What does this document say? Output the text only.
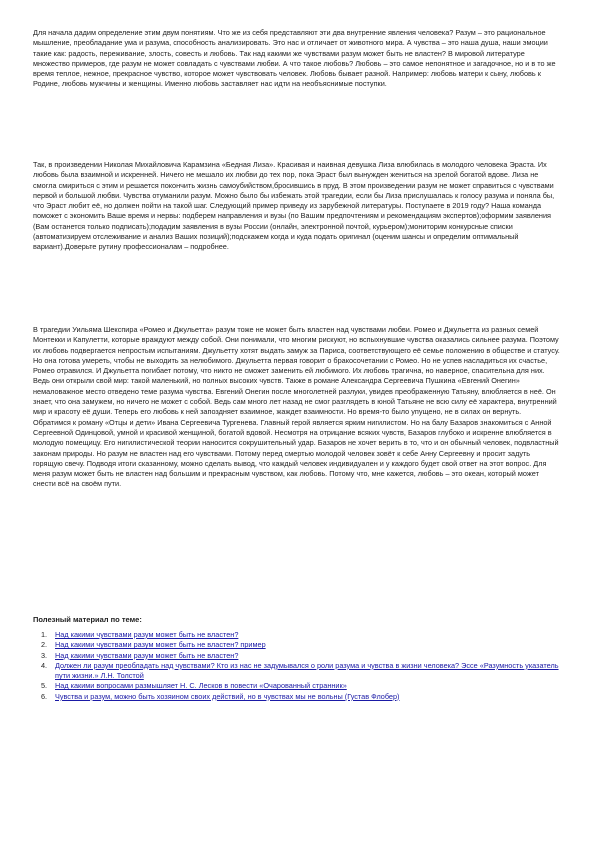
Для начала дадим определение этим двум понятиям. Что же из себя представляют эти два внутренние явления человека? Разум – это рациональное мышление, преобладание ума и разума, способность анализировать. Это нас и отличает от животного мира. А чувства – это наша душа, наши эмоции такие как: радость, переживание, злость, совесть и любовь. Так над какими же чувствами разум может быть не властен? В мировой литературе множество примеров, где разум не может совладать с чувствами любви. А что такое любовь? Любовь – это самое непонятное и загадочное, но и в то же время теплое, нежное, прекрасное чувство, которое может чувствовать человек. Любовь бывает разной. Например: любовь матери к сыну, любовь к Родине, любовь мужчины и женщины. Именно любовь заставляет нас идти на необъяснимые поступки.

Так, в произведении Николая Михайловича Карамзина «Бедная Лиза». Красивая и наивная девушка Лиза влюбилась в молодого человека Эраста. Их любовь была взаимной и искренней. Ничего не мешало их любви до тех пор, пока Эраст был вынужден жениться на зрелой богатой вдове. Лиза не смогла смириться с этим и решается покончить жизнь самоубийством,бросившись в пруд. В этом произведении разум не может справиться с чувствами первой и большой любви. Чувства отуманили разум. Можно было бы избежать этой трагедии, если бы Лиза прислушалась к голосу разума и поняла бы, что Эраст любит её, но должен пойти на такой шаг. Следующий пример приведу из зарубежной литературы. Поступаете в 2019 году? Наша команда поможет с экономить Ваше время и нервы: подберем направления и вузы (по Вашим предпочтениям и рекомендациям экспертов);оформим заявления (Вам останется только подписать);подадим заявления в вузы России (онлайн, электронной почтой, курьером);мониторим конкурсные списки (автоматизируем отслеживание и анализ Ваших позиций);подскажем когда и куда подать оригинал (оценим шансы и определим оптимальный вариант).Доверьте рутину профессионалам – подробнее.

В трагедии Уильяма Шекспира «Ромео и Джульетта» разум тоже не может быть властен над чувствами любви. Ромео и Джульетта из разных семей Монтекки и Капулетти, которые враждуют между собой. Они понимали, что многим рискуют, но вспыхнувшие чувства оказались сильнее разума. Поэтому их любовь подвергается непростым испытаниям. Джульетту хотят выдать замуж за Париса, соответствующего её семье положению в обществе и статусу. Но она готова умереть, чтобы не выходить за нелюбимого. Джульетта первая говорит о бракосочетании с Ромео. Но не успев насладиться их счастье, Ромео отравился. И Джульетта погибает потому, что никто не сможет заменить ей любимого. Их любовь трагична, но наверное, спасительна для них. Ведь они открыли свой мир: такой маленький, но полных высоких чувств. Также в романе Александра Сергеевича Пушкина «Евгений Онегин» немаловажное место отведено теме разума чувства. Евгений Онегин после многолетней разлуки, увидев преображенную Татьяну, влюбляется в неё. Он знает, что она замужем, но ничего не может с собой. Ведь сам много лет назад не смог разглядеть в юной Татьяне не всю силу её характера, внутренний мир и красоту её души. Теперь его любовь к ней запоздняет взаимное, жаждет взаимности. Но время-то было упущено, не в силах он вернуть. Обратимся к роману «Отцы и дети» Ивана Сергеевича Тургенева. Главный герой является ярким нигилистом. Но на балу Базаров знакомиться с Анной Сергеевной Одинцовой, умной и красивой женщиной, богатой вдовой. Несмотря на отрицание всяких чувств, Базаров глубоко и искренне влюбляется в молодую помещицу. Его нигилистической теории наносится сокрушительный удар. Базаров не хочет верить в то, что и он обычный человек, подвластный законам природы. Но разум не властен над его чувствами. Потому перед смертью молодой человек зовёт к себе Анну Сергеевну и просит задуть горящую свечу. Подводя итоги сказанному, можно сделать вывод, что каждый человек индивидуален и у каждого будет свой ответ на этот вопрос. Для меня разум может быть не властен над большим и прекрасным чувством, как любовь. Потому что, мне кажется, любовь – это океан, который может снести всё на своём пути.

Полезный материал по теме:

1. Над какими чувствами разум может быть не властен?
2. Над какими чувствами разум может быть не властен? пример
3. Над какими чувствами разум может быть не властен?
4. Должен ли разум преобладать над чувствами? Кто из нас не задумывался о роли разума и чувства в жизни человека? Эссе «Разумность указатель пути жизни.» Л.Н. Толстой
5. Над какими вопросами размышляет Н. С. Лесков в повести «Очарованный странник»
6. Чувства и разум, можно быть хозяином своих действий, но в чувствах мы не вольны (Густав Флобер)
